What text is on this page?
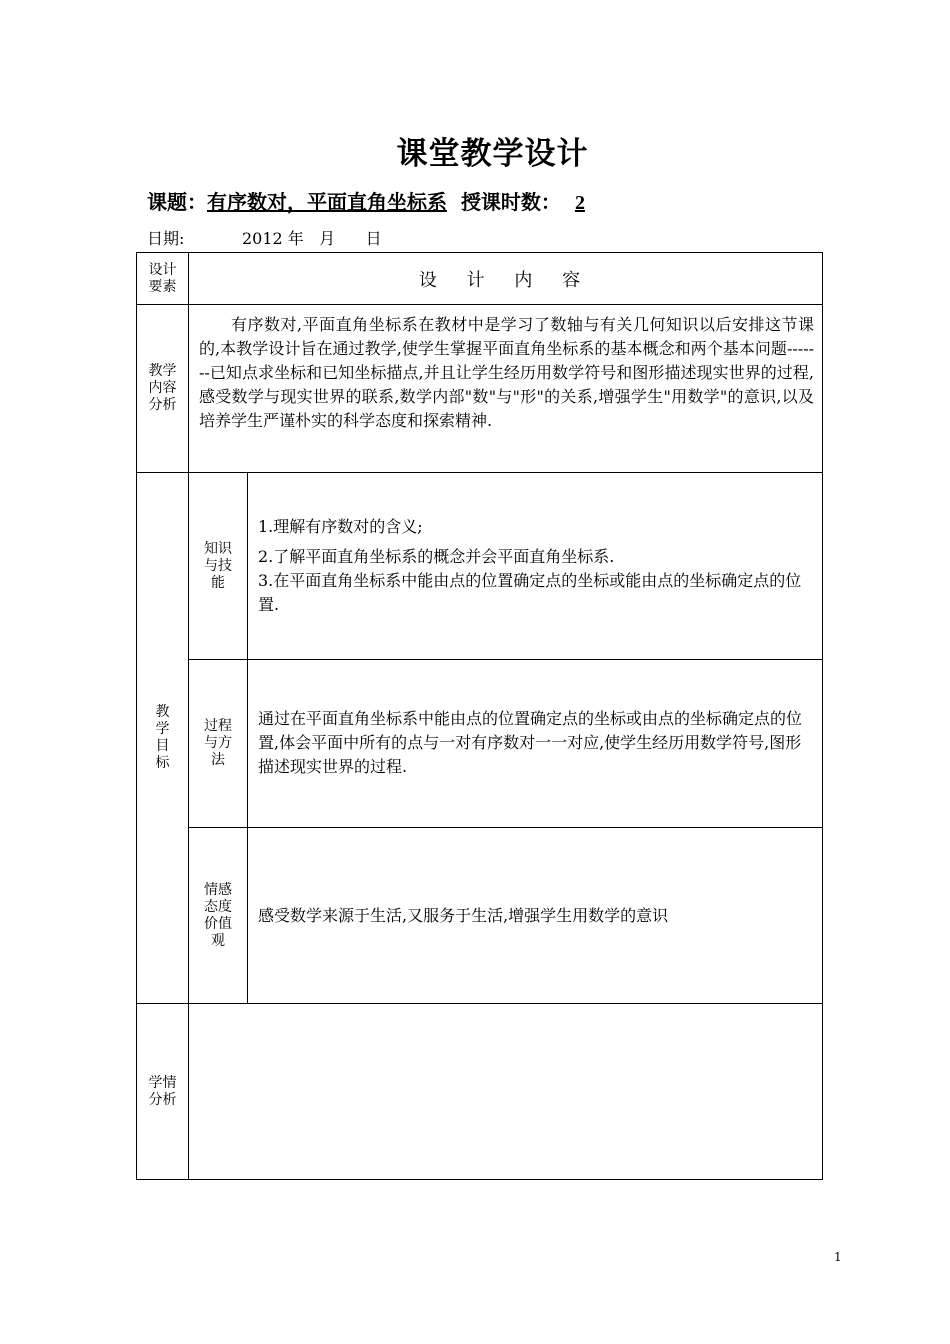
课堂教学设计
课题：有序数对，平面直角坐标系 授课时数： 2
日期:	2012 年 月 日
设计要素	设 计 内 容	

教学内容分析	有序数对,平面直角坐标系在教材中是学习了数轴与有关几何知识以后安排这节课的,本教学设计旨在通过教学,使学生掌握平面直角坐标系的基本概念和两个基本问题-------已知点求坐标和已知坐标描点,并且让学生经历用数学符号和图形描述现实世界的过程,感受数学与现实世界的联系,数学内部"数"与"形"的关系,增强学生"用数学"的意识,以及培养学生严谨朴实的科学态度和探索精神.	

教学目标	知识与技能	1.理解有序数对的含义;
2.了解平面直角坐标系的概念并会平面直角坐标系.
3.在平面直角坐标系中能由点的位置确定点的坐标或能由点的坐标确定点的位置.

	过程与方法	通过在平面直角坐标系中能由点的位置确定点的坐标或由点的坐标确定点的位置,体会平面中所有的点与一对有序数对一一对应,使学生经历用数学符号,图形描述现实世界的过程.

	情感态度价值观	感受数学来源于生活,又服务于生活,增强学生用数学的意识

学情分析		

1
